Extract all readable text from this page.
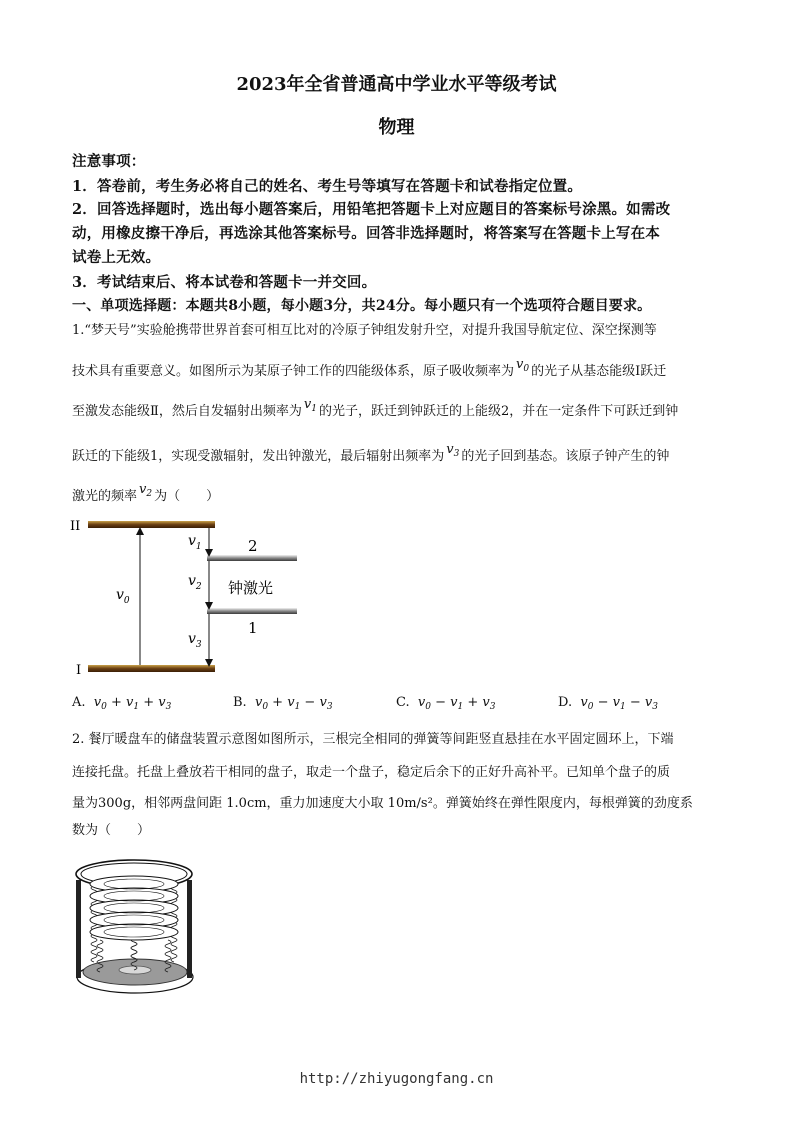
2023年全省普通高中学业水平等级考试
物理
注意事项：
1．答卷前，考生务必将自己的姓名、考生号等填写在答题卡和试卷指定位置。
2．回答选择题时，选出每小题答案后，用铅笔把答题卡上对应题目的答案标号涂黑。如需改
动，用橡皮擦干净后，再选涂其他答案标号。回答非选择题时，将答案写在答题卡上写在本
试卷上无效。
3．考试结束后、将本试卷和答题卡一并交回。
一、单项选择题：本题共8小题，每小题3分，共24分。每小题只有一个选项符合题目要求。
1.“梦天号”实验舱携带世界首套可相互比对的冷原子钟组发射升空，对提升我国导航定位、深空探测等
技术具有重要意义。如图所示为某原子钟工作的四能级体系，原子吸收频率为 $v_0$ 的光子从基态能级Ⅰ跃迁
至激发态能级Ⅱ，然后自发辐射出频率为 $v_1$ 的光子，跃迁到钟跃迁的上能级2，并在一定条件下可跃迁到钟
跃迁的下能级1，实现受激辐射，发出钟激光，最后辐射出频率为 $v_3$ 的光子回到基态。该原子钟产生的钟
激光的频率 $v_2$ 为（　　）
II
I
2
1
钟激光
$v_0$
$v_1$
$v_2$
$v_3$
A. $v_0 + v_1 + v_3$	B. $v_0 + v_1 - v_3$	C. $v_0 - v_1 + v_3$	D. $v_0 - v_1 - v_3$
2. 餐厅暖盘车的储盘装置示意图如图所示，三根完全相同的弹簧等间距竖直悬挂在水平固定圆环上，下端
连接托盘。托盘上叠放若干相同的盘子，取走一个盘子，稳定后余下的正好升高补平。已知单个盘子的质
量为300g，相邻两盘间距 1.0cm，重力加速度大小取 10m/s²。弹簧始终在弹性限度内，每根弹簧的劲度系
数为（　　）
http://zhiyugongfang.cn
